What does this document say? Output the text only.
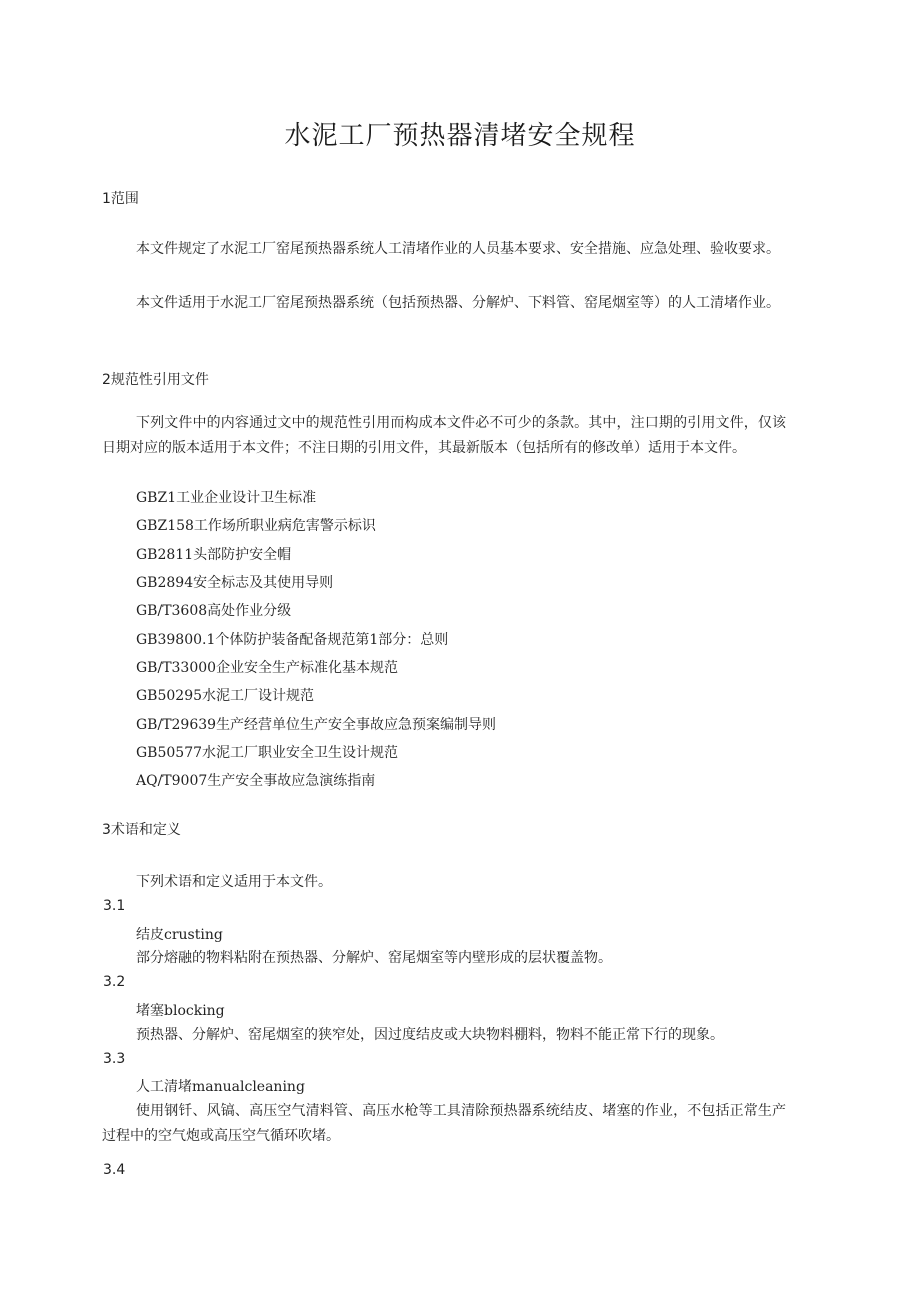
水泥工厂预热器清堵安全规程
1范围
本文件规定了水泥工厂窑尾预热器系统人工清堵作业的人员基本要求、安全措施、应急处理、验收要求。
本文件适用于水泥工厂窑尾预热器系统（包括预热器、分解炉、下料管、窑尾烟室等）的人工清堵作业。
2规范性引用文件
下列文件中的内容通过文中的规范性引用而构成本文件必不可少的条款。其中，注口期的引用文件，仅该日期对应的版本适用于本文件；不注日期的引用文件，其最新版本（包括所有的修改单）适用于本文件。
GBZ1工业企业设计卫生标准
GBZ158工作场所职业病危害警示标识
GB2811头部防护安全帽
GB2894安全标志及其使用导则
GB/T3608高处作业分级
GB39800.1个体防护装备配备规范第1部分：总则
GB/T33000企业安全生产标准化基本规范
GB50295水泥工厂设计规范
GB/T29639生产经营单位生产安全事故应急预案编制导则
GB50577水泥工厂职业安全卫生设计规范
AQ/T9007生产安全事故应急演练指南
3术语和定义
下列术语和定义适用于本文件。
3.1
结皮crusting
部分熔融的物料粘附在预热器、分解炉、窑尾烟室等内壁形成的层状覆盖物。
3.2
堵塞blocking
预热器、分解炉、窑尾烟室的狭窄处，因过度结皮或大块物料棚料，物料不能正常下行的现象。
3.3
人工清堵manualcleaning
使用钢钎、风镐、高压空气清料管、高压水枪等工具清除预热器系统结皮、堵塞的作业，不包括正常生产过程中的空气炮或高压空气循环吹堵。
3.4
